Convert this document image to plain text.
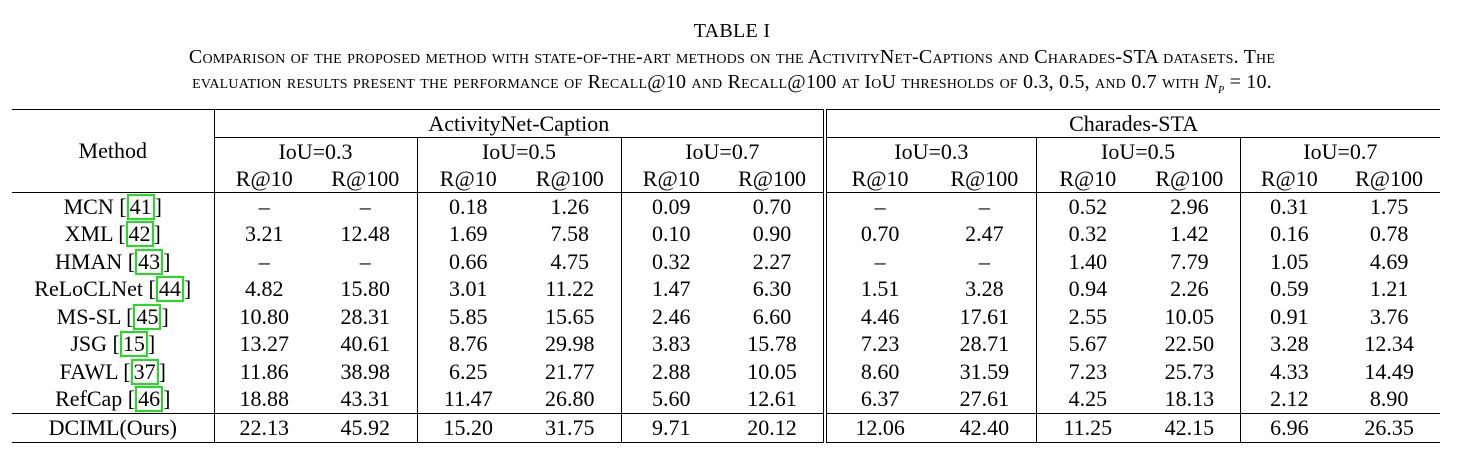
TABLE I
Comparison of the proposed method with state-of-the-art methods on the ActivityNet-Captions and Charades-STA datasets. The
evaluation results present the performance of Recall@10 and Recall@100 at IoU thresholds of 0.3, 0.5, and 0.7 with $N_p = 10$.
Method	ActivityNet-Caption						Charades-STA					
	IoU=0.3		IoU=0.5		IoU=0.7		IoU=0.3		IoU=0.5		IoU=0.7	
	R@10	R@100	R@10	R@100	R@10	R@100	R@10	R@100	R@10	R@100	R@10	R@100
MCN [ 41 ]	–	–	0.18	1.26	0.09	0.70	–	–	0.52	2.96	0.31	1.75
XML [ 42 ]	3.21	12.48	1.69	7.58	0.10	0.90	0.70	2.47	0.32	1.42	0.16	0.78
HMAN [ 43 ]	–	–	0.66	4.75	0.32	2.27	–	–	1.40	7.79	1.05	4.69
ReLoCLNet [ 44 ]	4.82	15.80	3.01	11.22	1.47	6.30	1.51	3.28	0.94	2.26	0.59	1.21
MS-SL [ 45 ]	10.80	28.31	5.85	15.65	2.46	6.60	4.46	17.61	2.55	10.05	0.91	3.76
JSG [ 15 ]	13.27	40.61	8.76	29.98	3.83	15.78	7.23	28.71	5.67	22.50	3.28	12.34
FAWL [ 37 ]	11.86	38.98	6.25	21.77	2.88	10.05	8.60	31.59	7.23	25.73	4.33	14.49
RefCap [ 46 ]	18.88	43.31	11.47	26.80	5.60	12.61	6.37	27.61	4.25	18.13	2.12	8.90
DCIML(Ours)	22.13	45.92	15.20	31.75	9.71	20.12	12.06	42.40	11.25	42.15	6.96	26.35
